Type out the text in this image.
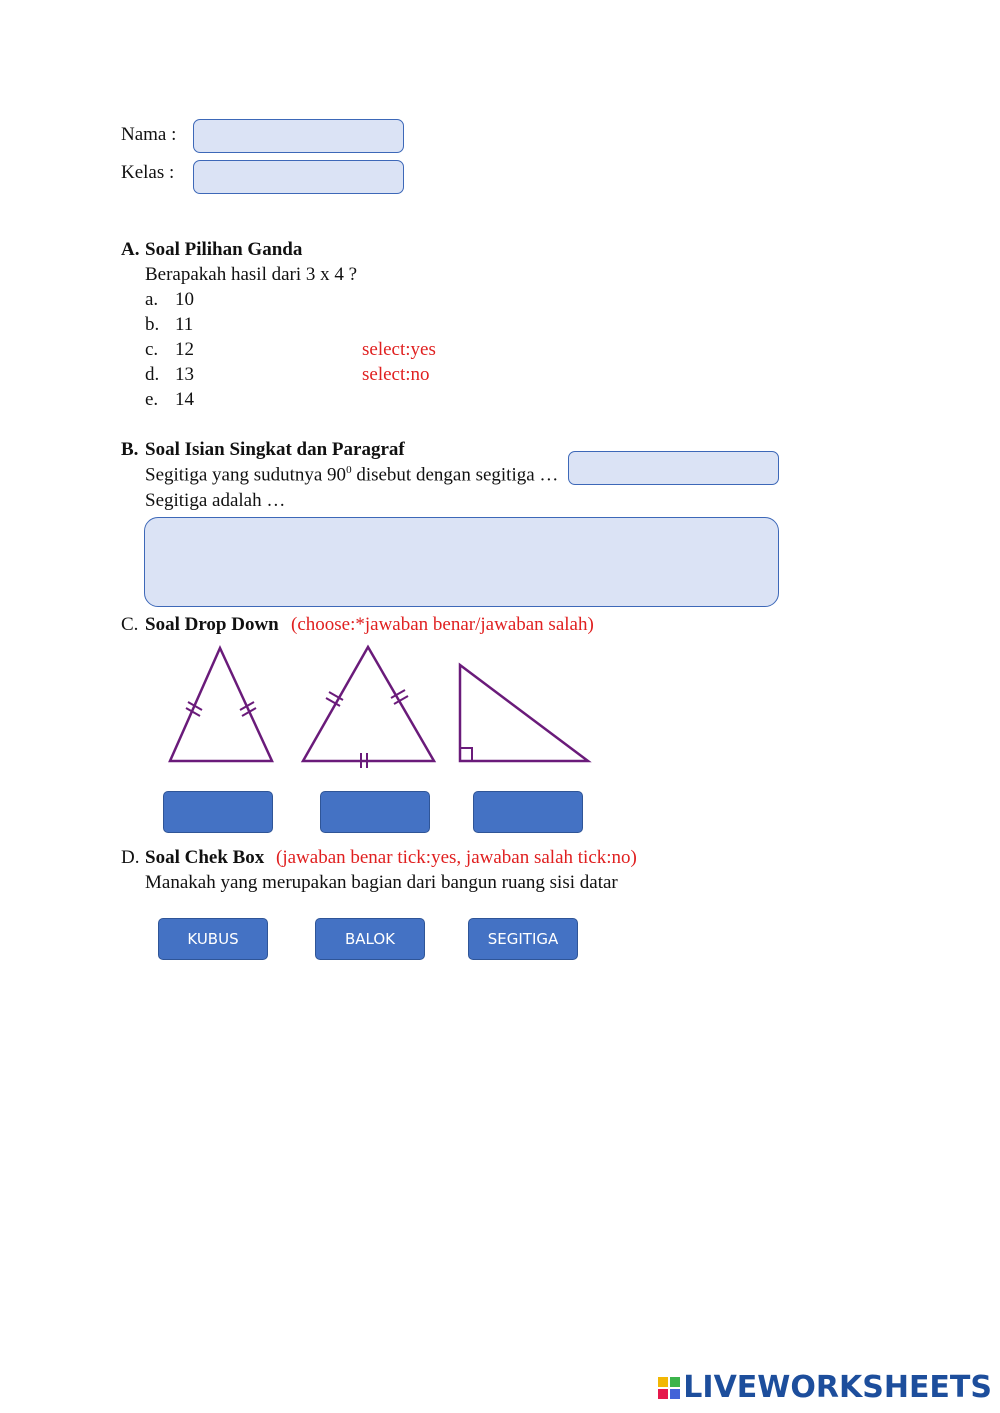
Nama :
Kelas :
A. Soal Pilihan Ganda
Berapakah hasil dari 3 x 4 ?
a. 10
b. 11
c. 12	select:yes
d. 13	select:no
e. 14
B. Soal Isian Singkat dan Paragraf
Segitiga yang sudutnya $90^0$ disebut dengan segitiga …
Segitiga adalah …
C. Soal Drop Down (choose:*jawaban benar/jawaban salah)
D. Soal Chek Box (jawaban benar tick:yes, jawaban salah tick:no)
Manakah yang merupakan bagian dari bangun ruang sisi datar
KUBUS	BALOK	SEGITIGA
LIVEWORKSHEETS
